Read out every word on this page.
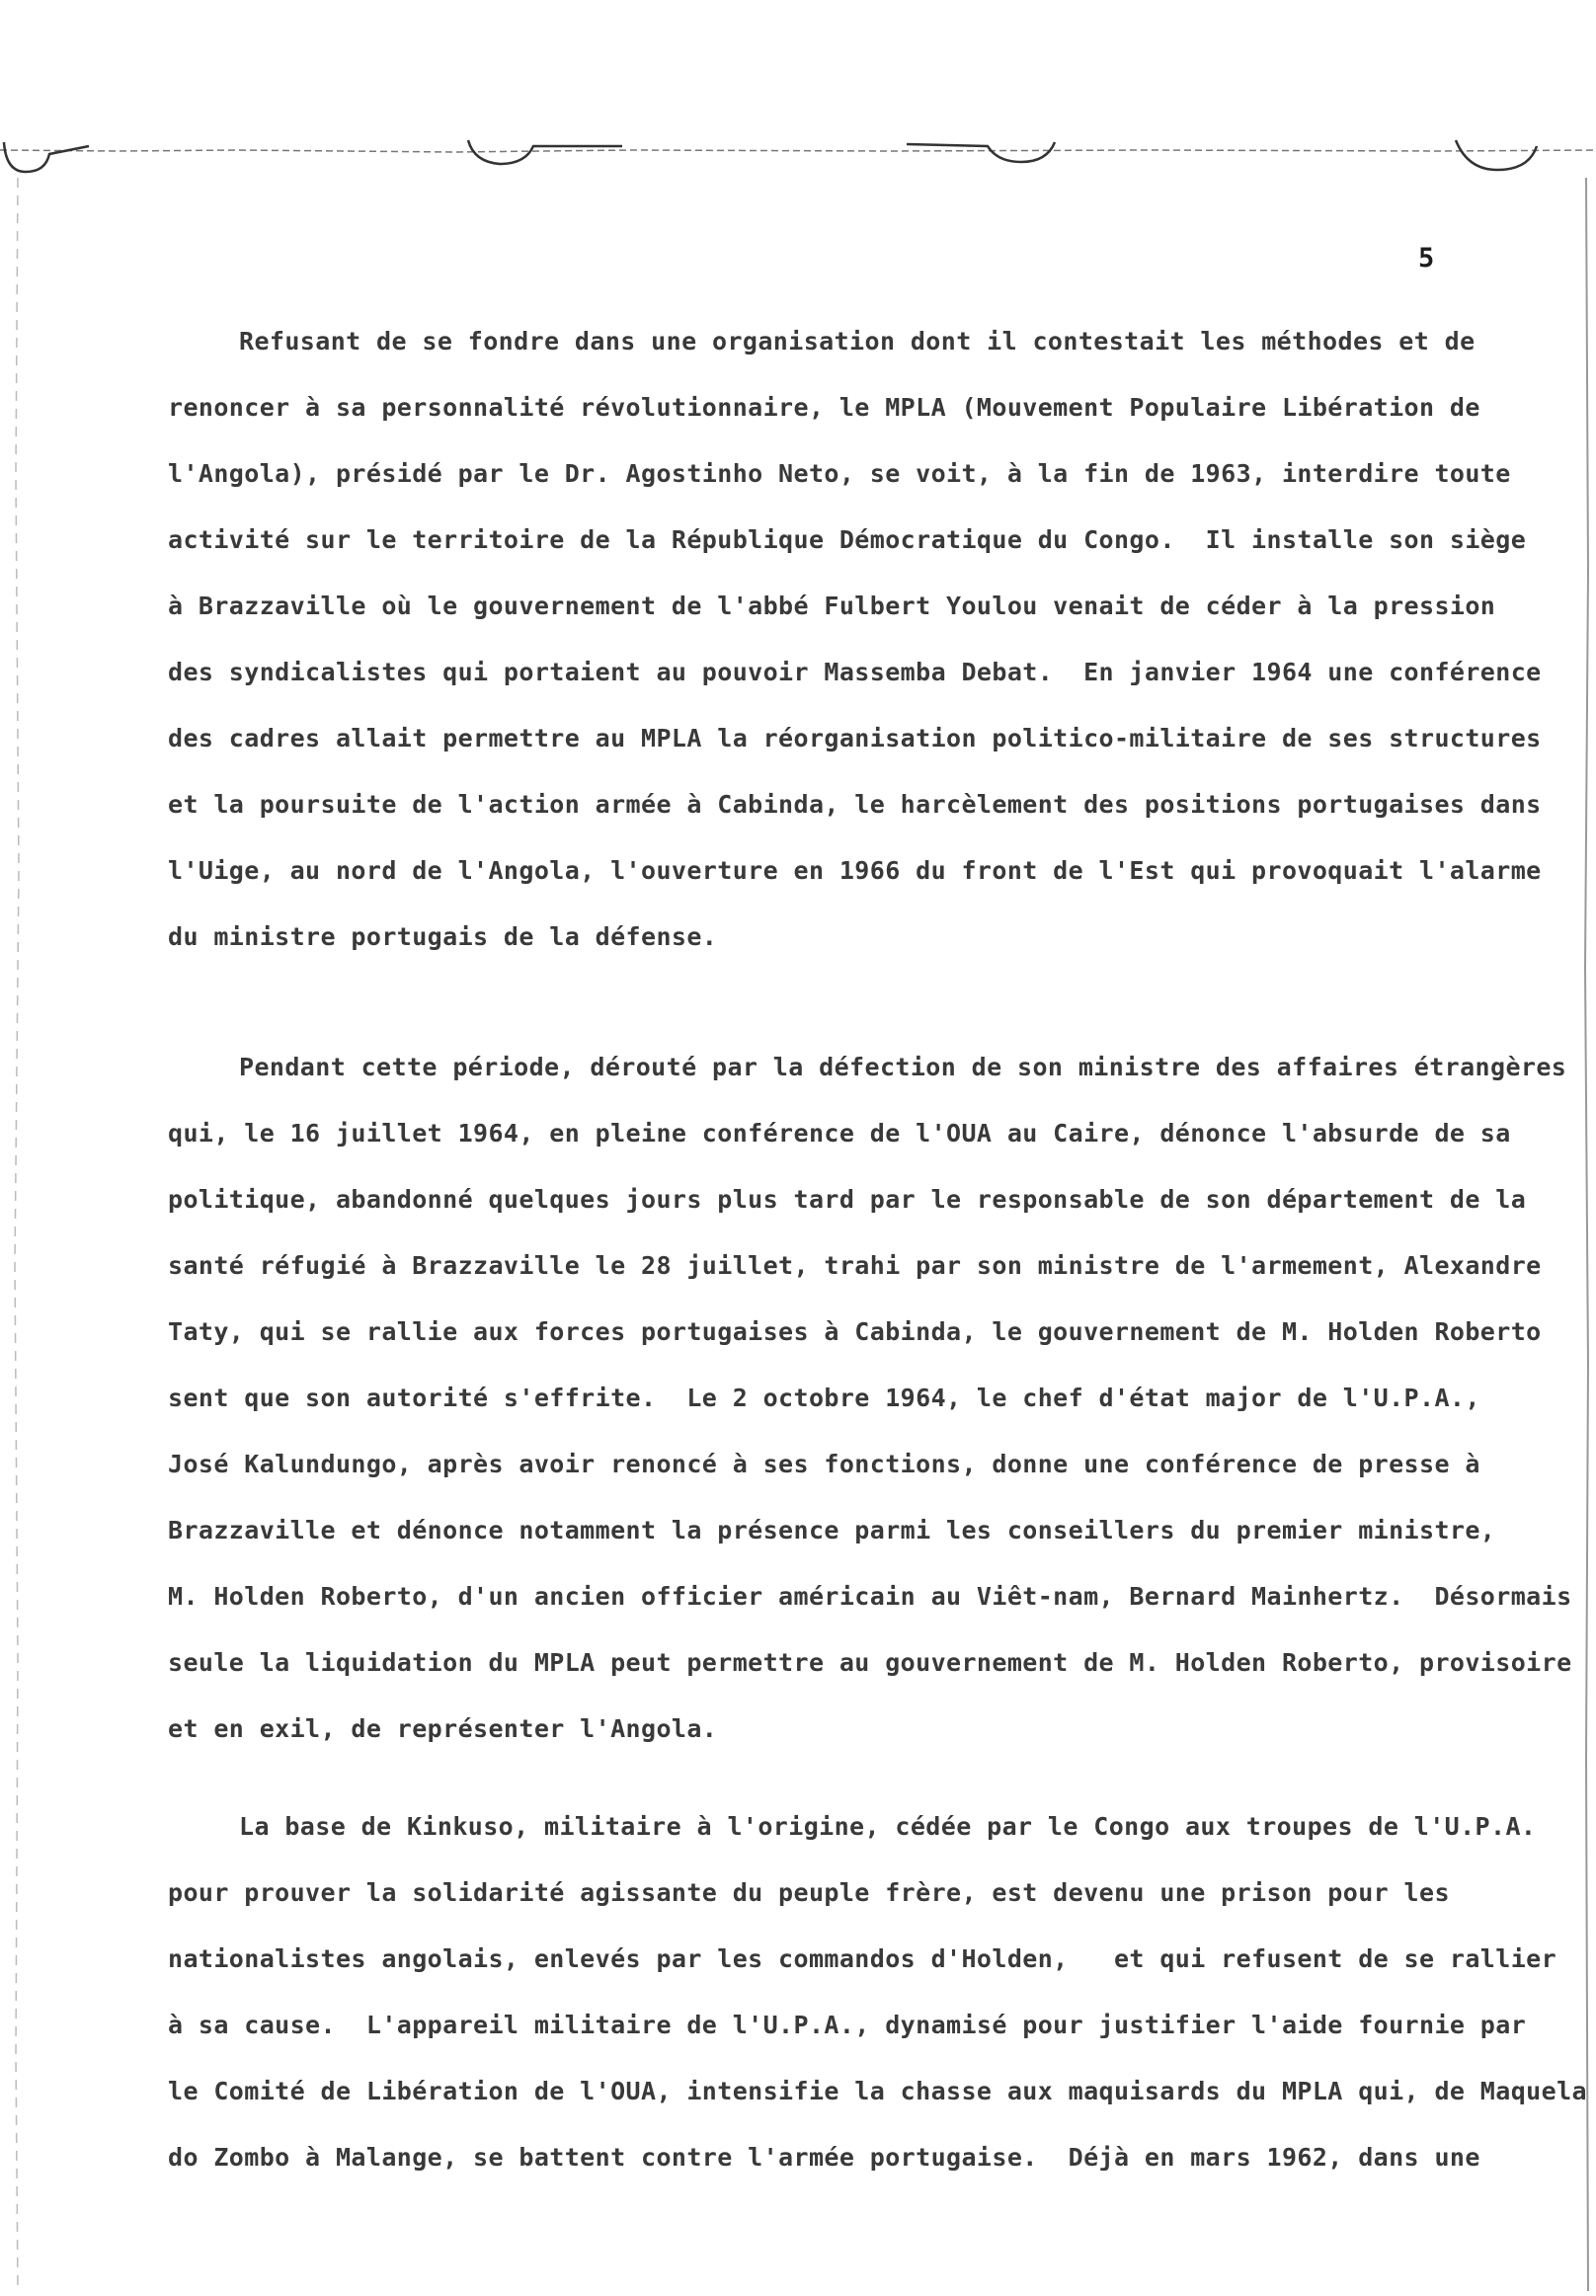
5
Refusant de se fondre dans une organisation dont il contestait les méthodes et de
renoncer à sa personnalité révolutionnaire, le MPLA (Mouvement Populaire Libération de
l'Angola), présidé par le Dr. Agostinho Neto, se voit, à la fin de 1963, interdire toute
activité sur le territoire de la République Démocratique du Congo.  Il installe son siège
à Brazzaville où le gouvernement de l'abbé Fulbert Youlou venait de céder à la pression
des syndicalistes qui portaient au pouvoir Massemba Debat.  En janvier 1964 une conférence
des cadres allait permettre au MPLA la réorganisation politico-militaire de ses structures
et la poursuite de l'action armée à Cabinda, le harcèlement des positions portugaises dans
l'Uige, au nord de l'Angola, l'ouverture en 1966 du front de l'Est qui provoquait l'alarme
du ministre portugais de la défense.
Pendant cette période, dérouté par la défection de son ministre des affaires étrangères
qui, le 16 juillet 1964, en pleine conférence de l'OUA au Caire, dénonce l'absurde de sa
politique, abandonné quelques jours plus tard par le responsable de son département de la
santé réfugié à Brazzaville le 28 juillet, trahi par son ministre de l'armement, Alexandre
Taty, qui se rallie aux forces portugaises à Cabinda, le gouvernement de M. Holden Roberto
sent que son autorité s'effrite.  Le 2 octobre 1964, le chef d'état major de l'U.P.A.,
José Kalundungo, après avoir renoncé à ses fonctions, donne une conférence de presse à
Brazzaville et dénonce notamment la présence parmi les conseillers du premier ministre,
M. Holden Roberto, d'un ancien officier américain au Viêt-nam, Bernard Mainhertz.  Désormais
seule la liquidation du MPLA peut permettre au gouvernement de M. Holden Roberto, provisoire
et en exil, de représenter l'Angola.
La base de Kinkuso, militaire à l'origine, cédée par le Congo aux troupes de l'U.P.A.
pour prouver la solidarité agissante du peuple frère, est devenu une prison pour les
nationalistes angolais, enlevés par les commandos d'Holden,   et qui refusent de se rallier
à sa cause.  L'appareil militaire de l'U.P.A., dynamisé pour justifier l'aide fournie par
le Comité de Libération de l'OUA, intensifie la chasse aux maquisards du MPLA qui, de Maquela
do Zombo à Malange, se battent contre l'armée portugaise.  Déjà en mars 1962, dans une
